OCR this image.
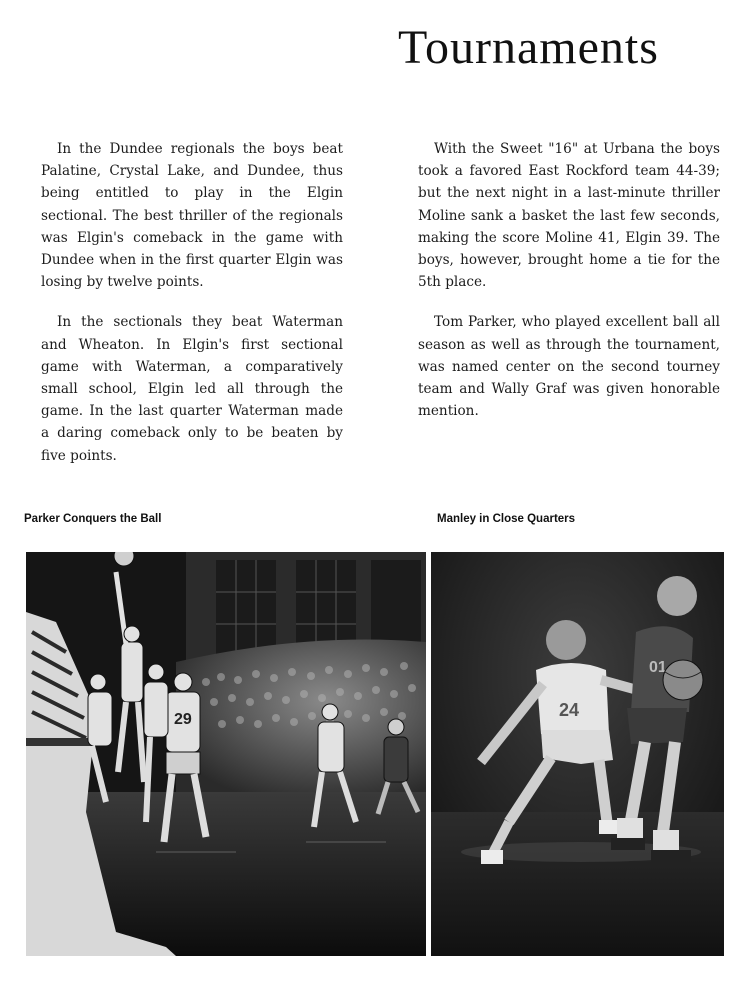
Tournaments

In the Dundee regionals the boys beat Palatine, Crystal Lake, and Dundee, thus being entitled to play in the Elgin sectional. The best thriller of the regionals was Elgin's comeback in the game with Dundee when in the first quarter Elgin was losing by twelve points.

In the sectionals they beat Waterman and Wheaton. In Elgin's first sectional game with Waterman, a comparatively small school, Elgin led all through the game. In the last quarter Waterman made a daring comeback only to be beaten by five points.

With the Sweet "16" at Urbana the boys took a favored East Rockford team 44-39; but the next night in a last-minute thriller Moline sank a basket the last few seconds, making the score Moline 41, Elgin 39. The boys, however, brought home a tie for the 5th place.

Tom Parker, who played excellent ball all season as well as through the tournament, was named center on the second tourney team and Wally Graf was given honorable mention.

Parker Conquers the Ball	Manley in Close Quarters
29	24
01
